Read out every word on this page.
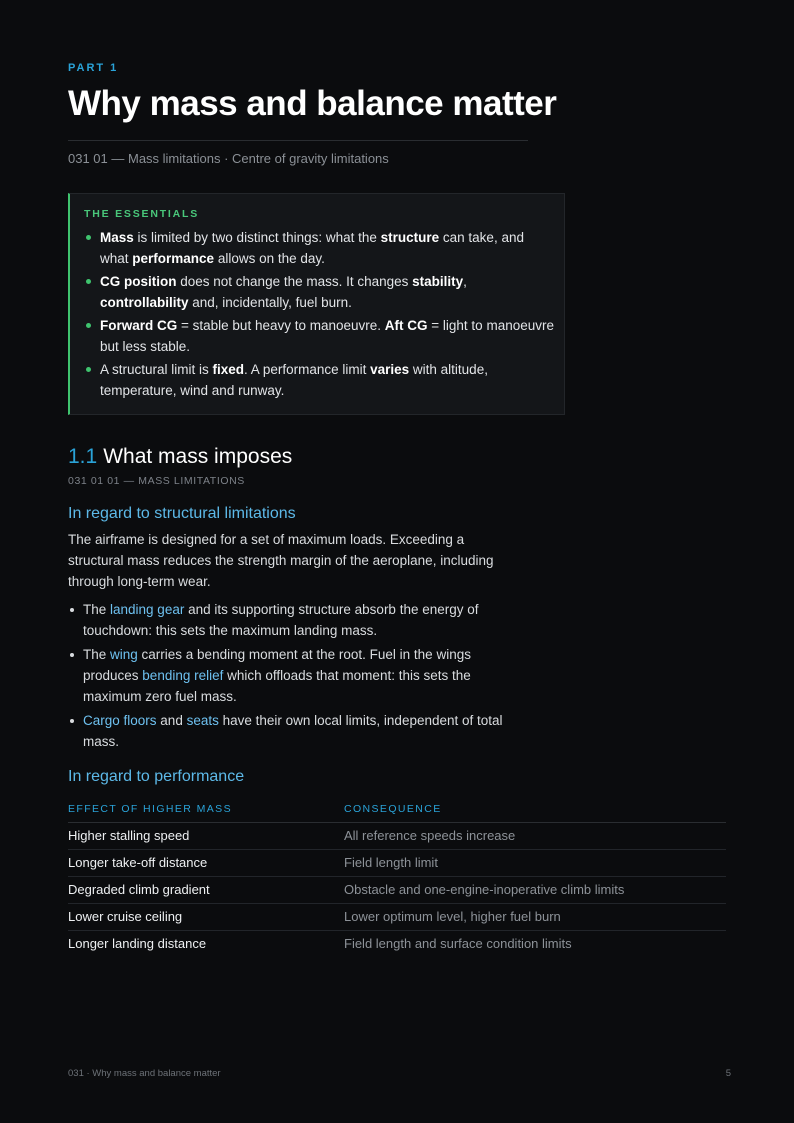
PART 1
Why mass and balance matter
031 01 — Mass limitations · Centre of gravity limitations
THE ESSENTIALS
Mass is limited by two distinct things: what the structure can take, and what performance allows on the day.
CG position does not change the mass. It changes stability, controllability and, incidentally, fuel burn.
Forward CG = stable but heavy to manoeuvre. Aft CG = light to manoeuvre but less stable.
A structural limit is fixed. A performance limit varies with altitude, temperature, wind and runway.
1.1 What mass imposes
031 01 01 — MASS LIMITATIONS
In regard to structural limitations
The airframe is designed for a set of maximum loads. Exceeding a structural mass reduces the strength margin of the aeroplane, including through long-term wear.
The landing gear and its supporting structure absorb the energy of touchdown: this sets the maximum landing mass.
The wing carries a bending moment at the root. Fuel in the wings produces bending relief which offloads that moment: this sets the maximum zero fuel mass.
Cargo floors and seats have their own local limits, independent of total mass.
In regard to performance
EFFECT OF HIGHER MASS	CONSEQUENCE
Higher stalling speed	All reference speeds increase
Longer take-off distance	Field length limit
Degraded climb gradient	Obstacle and one-engine-inoperative climb limits
Lower cruise ceiling	Lower optimum level, higher fuel burn
Longer landing distance	Field length and surface condition limits
031 · Why mass and balance matter	5
